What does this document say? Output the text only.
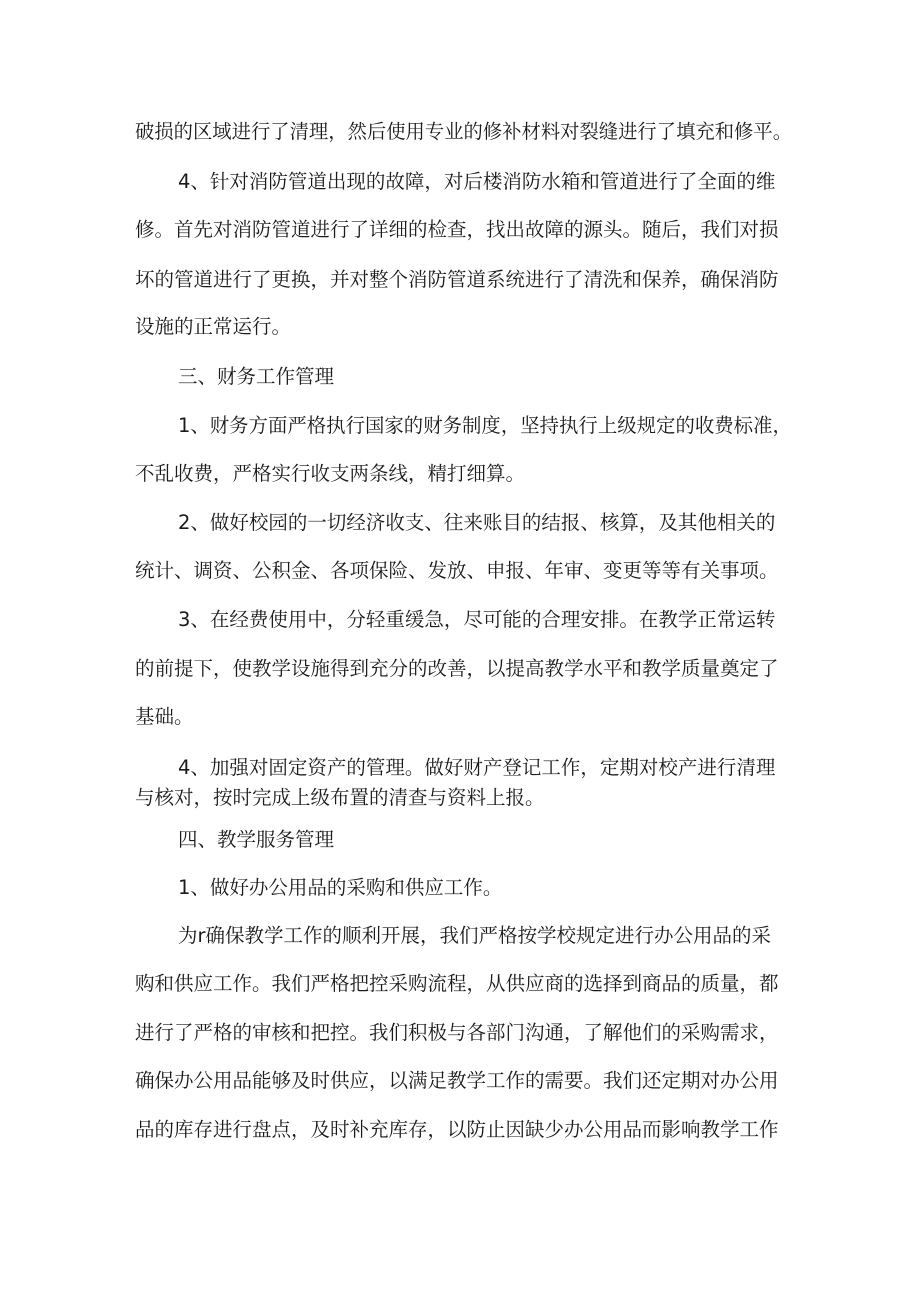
破损的区域进行了清理，然后使用专业的修补材料对裂缝进行了填充和修平。
4、针对消防管道出现的故障，对后楼消防水箱和管道进行了全面的维
修。首先对消防管道进行了详细的检查，找出故障的源头。随后，我们对损
坏的管道进行了更换，并对整个消防管道系统进行了清洗和保养，确保消防
设施的正常运行。
三、财务工作管理
1、财务方面严格执行国家的财务制度，坚持执行上级规定的收费标准，
不乱收费，严格实行收支两条线，精打细算。
2、做好校园的一切经济收支、往来账目的结报、核算，及其他相关的
统计、调资、公积金、各项保险、发放、申报、年审、变更等等有关事项。
3、在经费使用中，分轻重缓急，尽可能的合理安排。在教学正常运转
的前提下，使教学设施得到充分的改善，以提高教学水平和教学质量奠定了
基础。
4、加强对固定资产的管理。做好财产登记工作，定期对校产进行清理
与核对，按时完成上级布置的清查与资料上报。
四、教学服务管理
1、做好办公用品的采购和供应工作。
为r确保教学工作的顺利开展，我们严格按学校规定进行办公用品的采
购和供应工作。我们严格把控采购流程，从供应商的选择到商品的质量，都
进行了严格的审核和把控。我们积极与各部门沟通，了解他们的采购需求，
确保办公用品能够及时供应，以满足教学工作的需要。我们还定期对办公用
品的库存进行盘点，及时补充库存，以防止因缺少办公用品而影响教学工作
